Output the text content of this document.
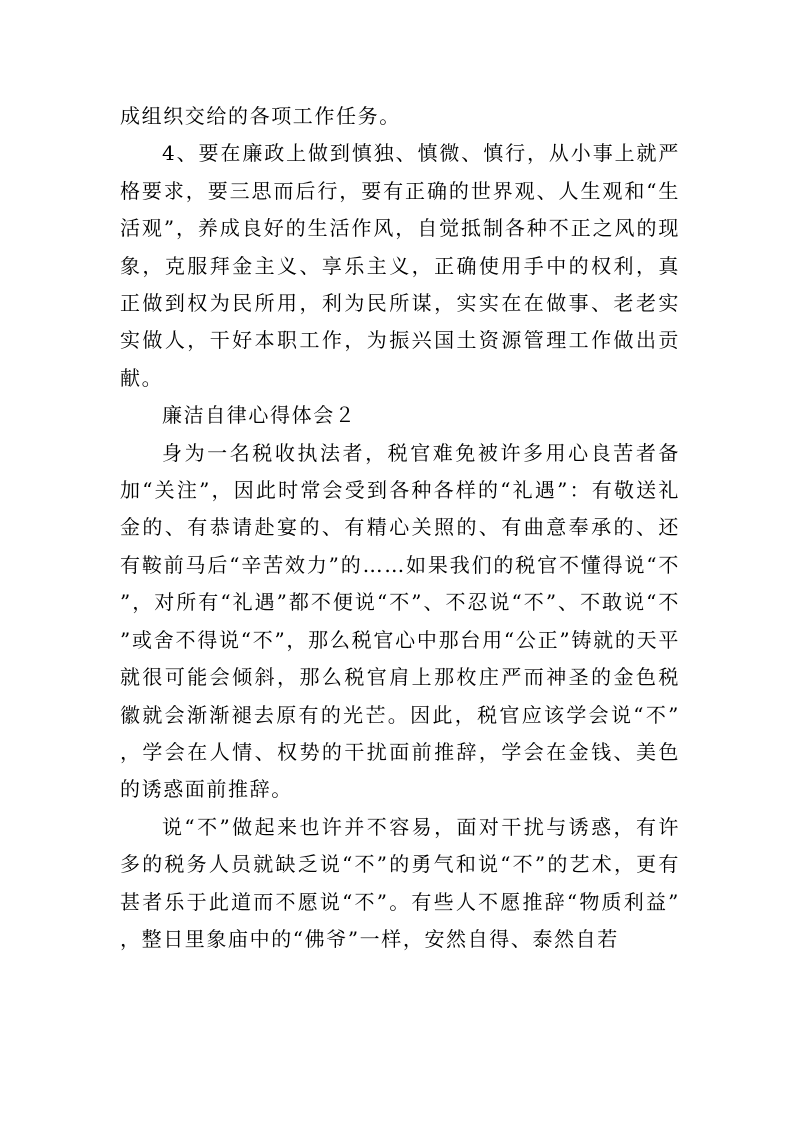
成组织交给的各项工作任务。

4、要在廉政上做到慎独、慎微、慎行，从小事上就严格要求，要三思而后行，要有正确的世界观、人生观和“生活观”，养成良好的生活作风，自觉抵制各种不正之风的现象，克服拜金主义、享乐主义，正确使用手中的权利，真正做到权为民所用，利为民所谋，实实在在做事、老老实实做人，干好本职工作，为振兴国土资源管理工作做出贡献。

廉洁自律心得体会２

身为一名税收执法者，税官难免被许多用心良苦者备加“关注”，因此时常会受到各种各样的“礼遇”：有敬送礼金的、有恭请赴宴的、有精心关照的、有曲意奉承的、还有鞍前马后“辛苦效力”的……如果我们的税官不懂得说“不”，对所有“礼遇”都不便说“不”、不忍说“不”、不敢说“不”或舍不得说“不”，那么税官心中那台用“公正”铸就的天平就很可能会倾斜，那么税官肩上那枚庄严而神圣的金色税徽就会渐渐褪去原有的光芒。因此，税官应该学会说“不”，学会在人情、权势的干扰面前推辞，学会在金钱、美色的诱惑面前推辞。

说“不”做起来也许并不容易，面对干扰与诱惑，有许多的税务人员就缺乏说“不”的勇气和说“不”的艺术，更有甚者乐于此道而不愿说“不”。有些人不愿推辞“物质利益”，整日里象庙中的“佛爷”一样，安然自得、泰然自若
